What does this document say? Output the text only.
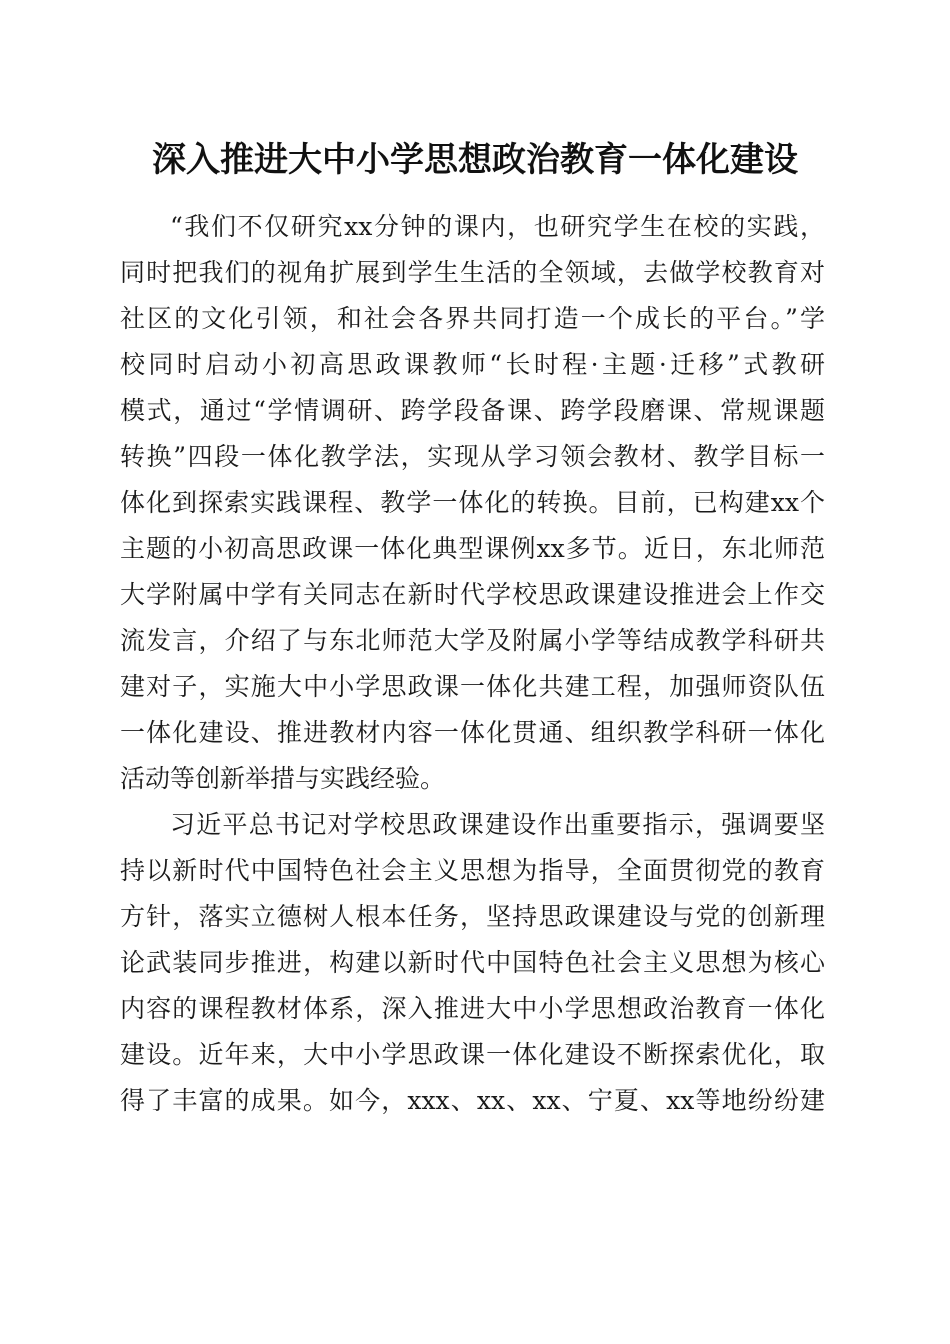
深入推进大中小学思想政治教育一体化建设
“我们不仅研究xx分钟的课内，也研究学生在校的实践，
同时把我们的视角扩展到学生生活的全领域，去做学校教育对
社区的文化引领，和社会各界共同打造一个成长的平台。”学
校同时启动小初高思政课教师“长时程·主题·迁移”式教研
模式，通过“学情调研、跨学段备课、跨学段磨课、常规课题
转换”四段一体化教学法，实现从学习领会教材、教学目标一
体化到探索实践课程、教学一体化的转换。目前，已构建xx个
主题的小初高思政课一体化典型课例xx多节。近日，东北师范
大学附属中学有关同志在新时代学校思政课建设推进会上作交
流发言，介绍了与东北师范大学及附属小学等结成教学科研共
建对子，实施大中小学思政课一体化共建工程，加强师资队伍
一体化建设、推进教材内容一体化贯通、组织教学科研一体化
活动等创新举措与实践经验。
习近平总书记对学校思政课建设作出重要指示，强调要坚
持以新时代中国特色社会主义思想为指导，全面贯彻党的教育
方针，落实立德树人根本任务，坚持思政课建设与党的创新理
论武装同步推进，构建以新时代中国特色社会主义思想为核心
内容的课程教材体系，深入推进大中小学思想政治教育一体化
建设。近年来，大中小学思政课一体化建设不断探索优化，取
得了丰富的成果。如今，xxx、xx、xx、宁夏、xx等地纷纷建
